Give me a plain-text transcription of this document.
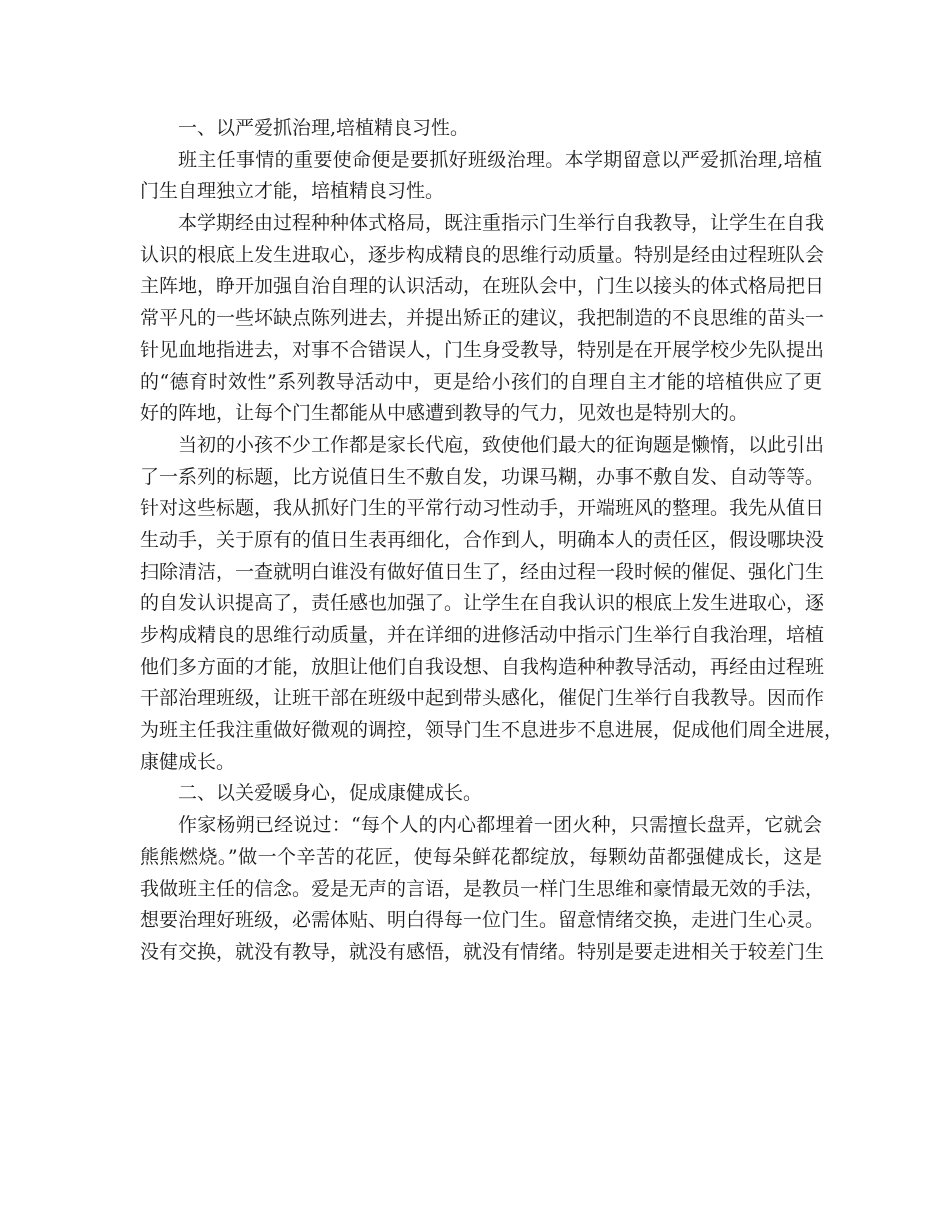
一、以严爱抓治理,培植精良习性。
班主任事情的重要使命便是要抓好班级治理。本学期留意以严爱抓治理,培植
门生自理独立才能，培植精良习性。
本学期经由过程种种体式格局，既注重指示门生举行自我教导，让学生在自我
认识的根底上发生进取心，逐步构成精良的思维行动质量。特别是经由过程班队会
主阵地，睁开加强自治自理的认识活动，在班队会中，门生以接头的体式格局把日
常平凡的一些坏缺点陈列进去，并提出矫正的建议，我把制造的不良思维的苗头一
针见血地指进去，对事不合错误人，门生身受教导，特别是在开展学校少先队提出
的“德育时效性”系列教导活动中，更是给小孩们的自理自主才能的培植供应了更
好的阵地，让每个门生都能从中感遭到教导的气力，见效也是特别大的。
当初的小孩不少工作都是家长代庖，致使他们最大的征询题是懒惰，以此引出
了一系列的标题，比方说值日生不敷自发，功课马糊，办事不敷自发、自动等等。
针对这些标题，我从抓好门生的平常行动习性动手，开端班风的整理。我先从值日
生动手，关于原有的值日生表再细化，合作到人，明确本人的责任区，假设哪块没
扫除清洁，一查就明白谁没有做好值日生了，经由过程一段时候的催促、强化门生
的自发认识提高了，责任感也加强了。让学生在自我认识的根底上发生进取心，逐
步构成精良的思维行动质量，并在详细的进修活动中指示门生举行自我治理，培植
他们多方面的才能，放胆让他们自我设想、自我构造种种教导活动，再经由过程班
干部治理班级，让班干部在班级中起到带头感化，催促门生举行自我教导。因而作
为班主任我注重做好微观的调控，领导门生不息进步不息进展，促成他们周全进展，
康健成长。
二、以关爱暖身心，促成康健成长。
作家杨朔已经说过：“每个人的内心都埋着一团火种，只需擅长盘弄，它就会
熊熊燃烧。”做一个辛苦的花匠，使每朵鲜花都绽放，每颗幼苗都强健成长，这是
我做班主任的信念。爱是无声的言语，是教员一样门生思维和豪情最无效的手法，
想要治理好班级，必需体贴、明白得每一位门生。留意情绪交换，走进门生心灵。
没有交换，就没有教导，就没有感悟，就没有情绪。特别是要走进相关于较差门生
